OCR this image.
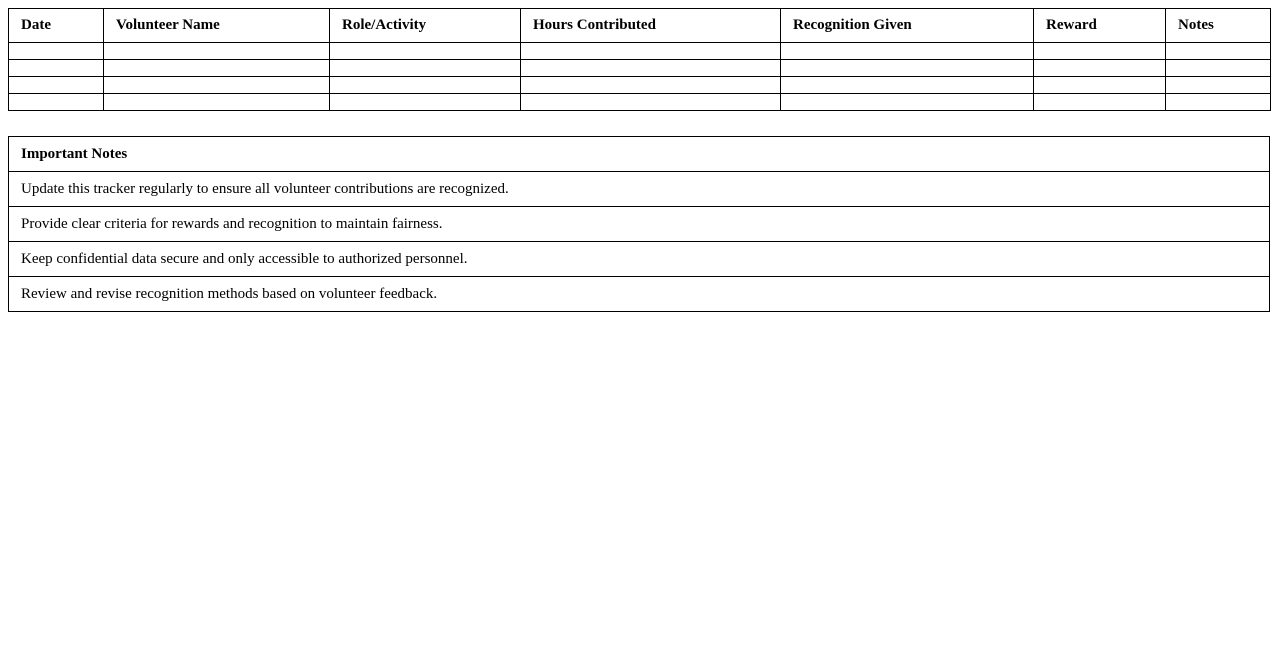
Date	Volunteer Name	Role/Activity	Hours Contributed	Recognition Given	Reward	Notes

Important Notes
Update this tracker regularly to ensure all volunteer contributions are recognized.
Provide clear criteria for rewards and recognition to maintain fairness.
Keep confidential data secure and only accessible to authorized personnel.
Review and revise recognition methods based on volunteer feedback.
